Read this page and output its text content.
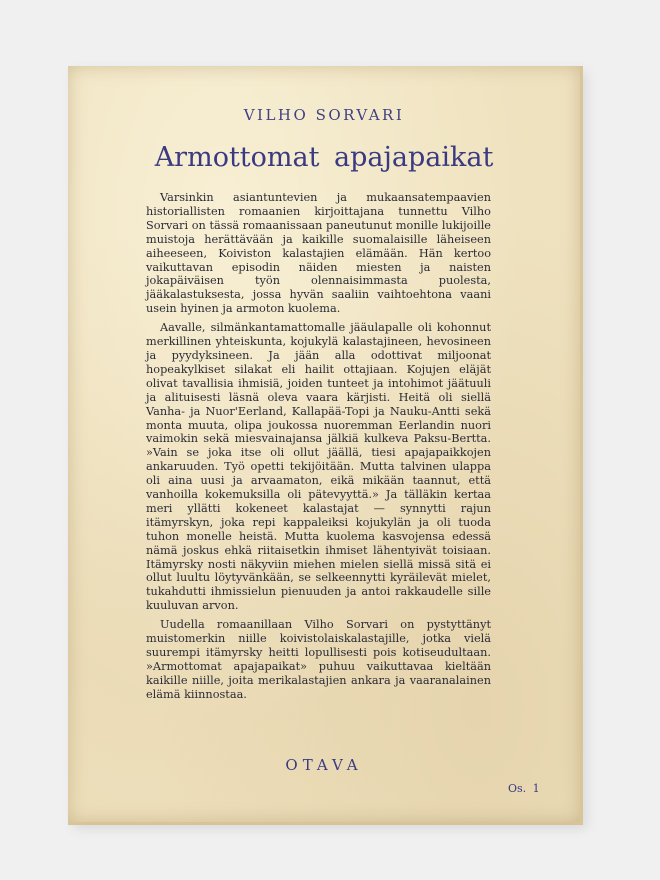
VILHO SORVARI
Armottomat apajapaikat

Varsinkin asiantuntevien ja mukaansatempaavien historiallisten romaanien kirjoittajana tunnettu Vilho Sorvari on tässä romaanissaan paneutunut monille lukijoille muistoja herättävään ja kaikille suomalaisille läheiseen aiheeseen, Koiviston kalastajien elämään. Hän kertoo vaikuttavan episodin näiden miesten ja naisten jokapäiväisen työn olennaisimmasta puolesta, jääkalastuksesta, jossa hyvän saaliin vaihtoehtona vaani usein hyinen ja armoton kuolema.

Aavalle, silmänkantamattomalle jääulapalle oli kohonnut merkillinen yhteiskunta, kojukylä kalastajineen, hevosineen ja pyydyksineen. Ja jään alla odottivat miljoonat hopeakylkiset silakat eli hailit ottajiaan. Kojujen eläjät olivat tavallisia ihmisiä, joiden tunteet ja intohimot jäätuuli ja alituisesti läsnä oleva vaara kärjisti. Heitä oli siellä Vanha- ja Nuor'Eerland, Kallapää-Topi ja Nauku-Antti sekä monta muuta, olipa joukossa nuoremman Eerlandin nuori vaimokin sekä miesvainajansa jälkiä kulkeva Paksu-Bertta. »Vain se joka itse oli ollut jäällä, tiesi apajapaikkojen ankaruuden. Työ opetti tekijöitään. Mutta talvinen ulappa oli aina uusi ja arvaamaton, eikä mikään taannut, että vanhoilla kokemuksilla oli pätevyyttä.» Ja tälläkin kertaa meri yllätti kokeneet kalastajat — synnytti rajun itämyrskyn, joka repi kappaleiksi kojukylän ja oli tuoda tuhon monelle heistä. Mutta kuolema kasvojensa edessä nämä joskus ehkä riitaisetkin ihmiset lähentyivät toisiaan. Itämyrsky nosti näkyviin miehen mielen siellä missä sitä ei ollut luultu löytyvänkään, se selkeennytti kyräilevät mielet, tukahdutti ihmissielun pienuuden ja antoi rakkaudelle sille kuuluvan arvon.

Uudella romaanillaan Vilho Sorvari on pystyttänyt muistomerkin niille koivistolaiskalastajille, jotka vielä suurempi itämyrsky heitti lopullisesti pois kotiseudultaan. »Armottomat apajapaikat» puhuu vaikuttavaa kieltään kaikille niille, joita merikalastajien ankara ja vaaranalainen elämä kiinnostaa.

OTAVA
Os. 1
